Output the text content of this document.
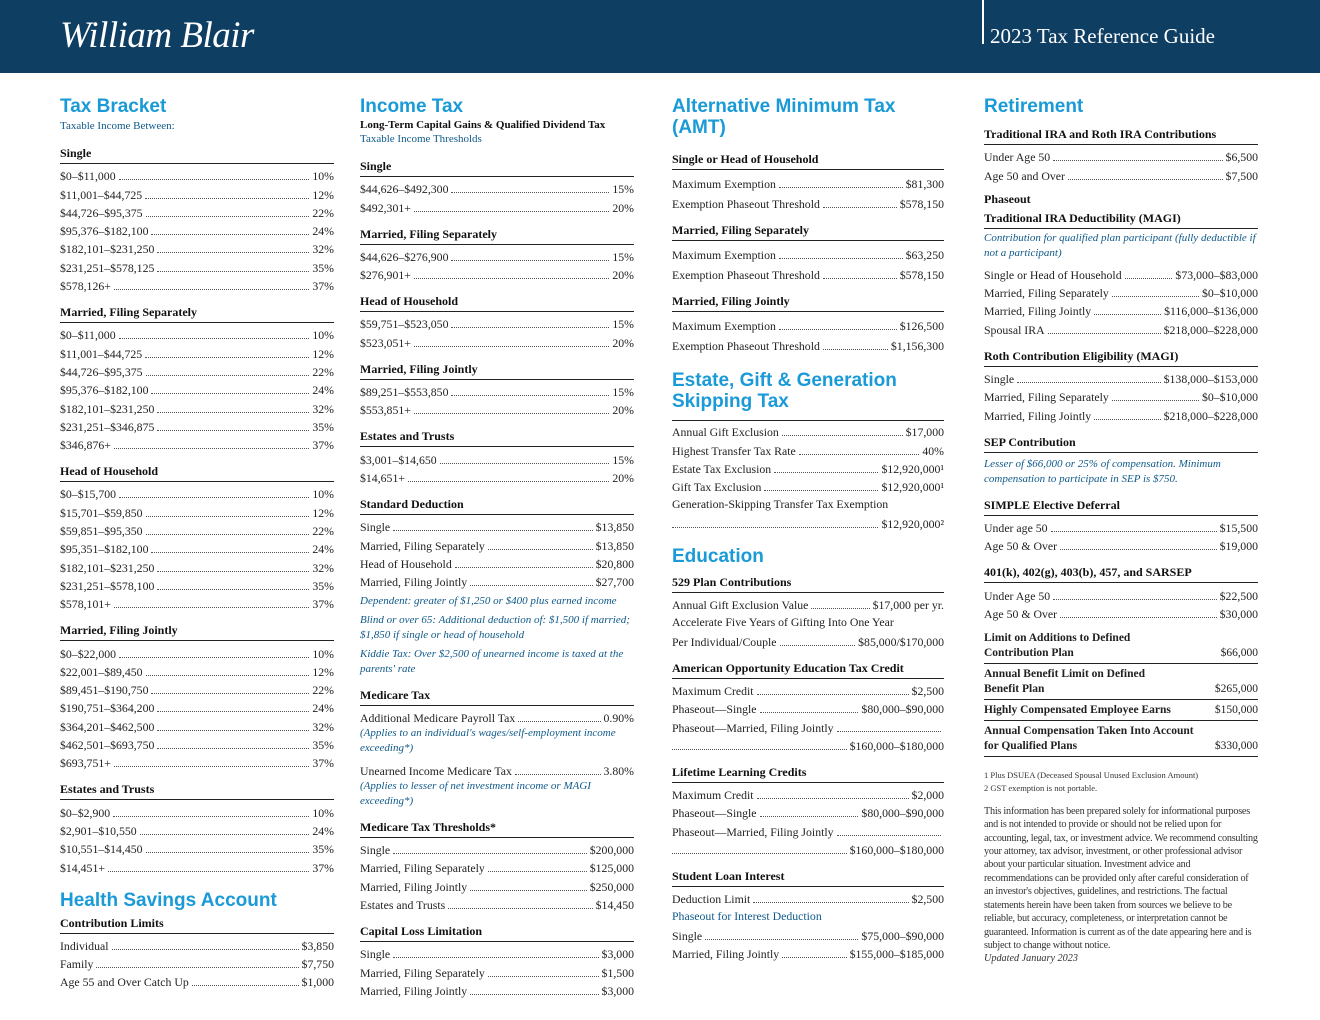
William Blair	2023 Tax Reference Guide
Tax Bracket
Taxable Income Between:
Single
$0–$11,000	10%
$11,001–$44,725	12%
$44,726–$95,375	22%
$95,376–$182,100	24%
$182,101–$231,250	32%
$231,251–$578,125	35%
$578,126+	37%
Married, Filing Separately
$0–$11,000	10%
$11,001–$44,725	12%
$44,726–$95,375	22%
$95,376–$182,100	24%
$182,101–$231,250	32%
$231,251–$346,875	35%
$346,876+	37%
Head of Household
$0–$15,700	10%
$15,701–$59,850	12%
$59,851–$95,350	22%
$95,351–$182,100	24%
$182,101–$231,250	32%
$231,251–$578,100	35%
$578,101+	37%
Married, Filing Jointly
$0–$22,000	10%
$22,001–$89,450	12%
$89,451–$190,750	22%
$190,751–$364,200	24%
$364,201–$462,500	32%
$462,501–$693,750	35%
$693,751+	37%
Estates and Trusts
$0–$2,900	10%
$2,901–$10,550	24%
$10,551–$14,450	35%
$14,451+	37%
Health Savings Account
Contribution Limits
Individual	$3,850
Family	$7,750
Age 55 and Over Catch Up	$1,000
Income Tax
Long-Term Capital Gains & Qualified Dividend Tax
Taxable Income Thresholds
Single
$44,626–$492,300	15%
$492,301+	20%
Married, Filing Separately
$44,626–$276,900	15%
$276,901+	20%
Head of Household
$59,751–$523,050	15%
$523,051+	20%
Married, Filing Jointly
$89,251–$553,850	15%
$553,851+	20%
Estates and Trusts
$3,001–$14,650	15%
$14,651+	20%
Standard Deduction
Single	$13,850
Married, Filing Separately	$13,850
Head of Household	$20,800
Married, Filing Jointly	$27,700
Dependent: greater of $1,250 or $400 plus earned income
Blind or over 65: Additional deduction of: $1,500 if married; $1,850 if single or head of household
Kiddie Tax: Over $2,500 of unearned income is taxed at the parents' rate
Medicare Tax
Additional Medicare Payroll Tax	0.90%
(Applies to an individual's wages/self-employment income exceeding*)
Unearned Income Medicare Tax	3.80%
(Applies to lesser of net investment income or MAGI exceeding*)
Medicare Tax Thresholds*
Single	$200,000
Married, Filing Separately	$125,000
Married, Filing Jointly	$250,000
Estates and Trusts	$14,450
Capital Loss Limitation
Single	$3,000
Married, Filing Separately	$1,500
Married, Filing Jointly	$3,000
Alternative Minimum Tax
(AMT)
Single or Head of Household
Maximum Exemption	$81,300
Exemption Phaseout Threshold	$578,150
Married, Filing Separately
Maximum Exemption	$63,250
Exemption Phaseout Threshold	$578,150
Married, Filing Jointly
Maximum Exemption	$126,500
Exemption Phaseout Threshold	$1,156,300
Estate, Gift & Generation
Skipping Tax
Annual Gift Exclusion	$17,000
Highest Transfer Tax Rate	40%
Estate Tax Exclusion	$12,920,000¹
Gift Tax Exclusion	$12,920,000¹
Generation-Skipping Transfer Tax Exemption
$12,920,000²
Education
529 Plan Contributions
Annual Gift Exclusion Value	$17,000 per yr.
Accelerate Five Years of Gifting Into One Year
Per Individual/Couple	$85,000/$170,000
American Opportunity Education Tax Credit
Maximum Credit	$2,500
Phaseout—Single	$80,000–$90,000
Phaseout—Married, Filing Jointly
$160,000–$180,000
Lifetime Learning Credits
Maximum Credit	$2,000
Phaseout—Single	$80,000–$90,000
Phaseout—Married, Filing Jointly
$160,000–$180,000
Student Loan Interest
Deduction Limit	$2,500
Phaseout for Interest Deduction
Single	$75,000–$90,000
Married, Filing Jointly	$155,000–$185,000
Retirement
Traditional IRA and Roth IRA Contributions
Under Age 50	$6,500
Age 50 and Over	$7,500
Phaseout
Traditional IRA Deductibility (MAGI)
Contribution for qualified plan participant (fully deductible if not a participant)
Single or Head of Household	$73,000–$83,000
Married, Filing Separately	$0–$10,000
Married, Filing Jointly	$116,000–$136,000
Spousal IRA	$218,000–$228,000
Roth Contribution Eligibility (MAGI)
Single	$138,000–$153,000
Married, Filing Separately	$0–$10,000
Married, Filing Jointly	$218,000–$228,000
SEP Contribution
Lesser of $66,000 or 25% of compensation. Minimum compensation to participate in SEP is $750.
SIMPLE Elective Deferral
Under age 50	$15,500
Age 50 & Over	$19,000
401(k), 402(g), 403(b), 457, and SARSEP
Under Age 50	$22,500
Age 50 & Over	$30,000
Limit on Additions to Defined
Contribution Plan	$66,000
Annual Benefit Limit on Defined
Benefit Plan	$265,000
Highly Compensated Employee Earns	$150,000
Annual Compensation Taken Into Account
for Qualified Plans	$330,000
1 Plus DSUEA (Deceased Spousal Unused Exclusion Amount)
2 GST exemption is not portable.
This information has been prepared solely for informational purposes and is not intended to provide or should not be relied upon for accounting, legal, tax, or investment advice. We recommend consulting your attorney, tax advisor, investment, or other professional advisor about your particular situation. Investment advice and recommendations can be provided only after careful consideration of an investor's objectives, guidelines, and restrictions. The factual statements herein have been taken from sources we believe to be reliable, but accuracy, completeness, or interpretation cannot be guaranteed. Information is current as of the date appearing here and is subject to change without notice.
Updated January 2023
